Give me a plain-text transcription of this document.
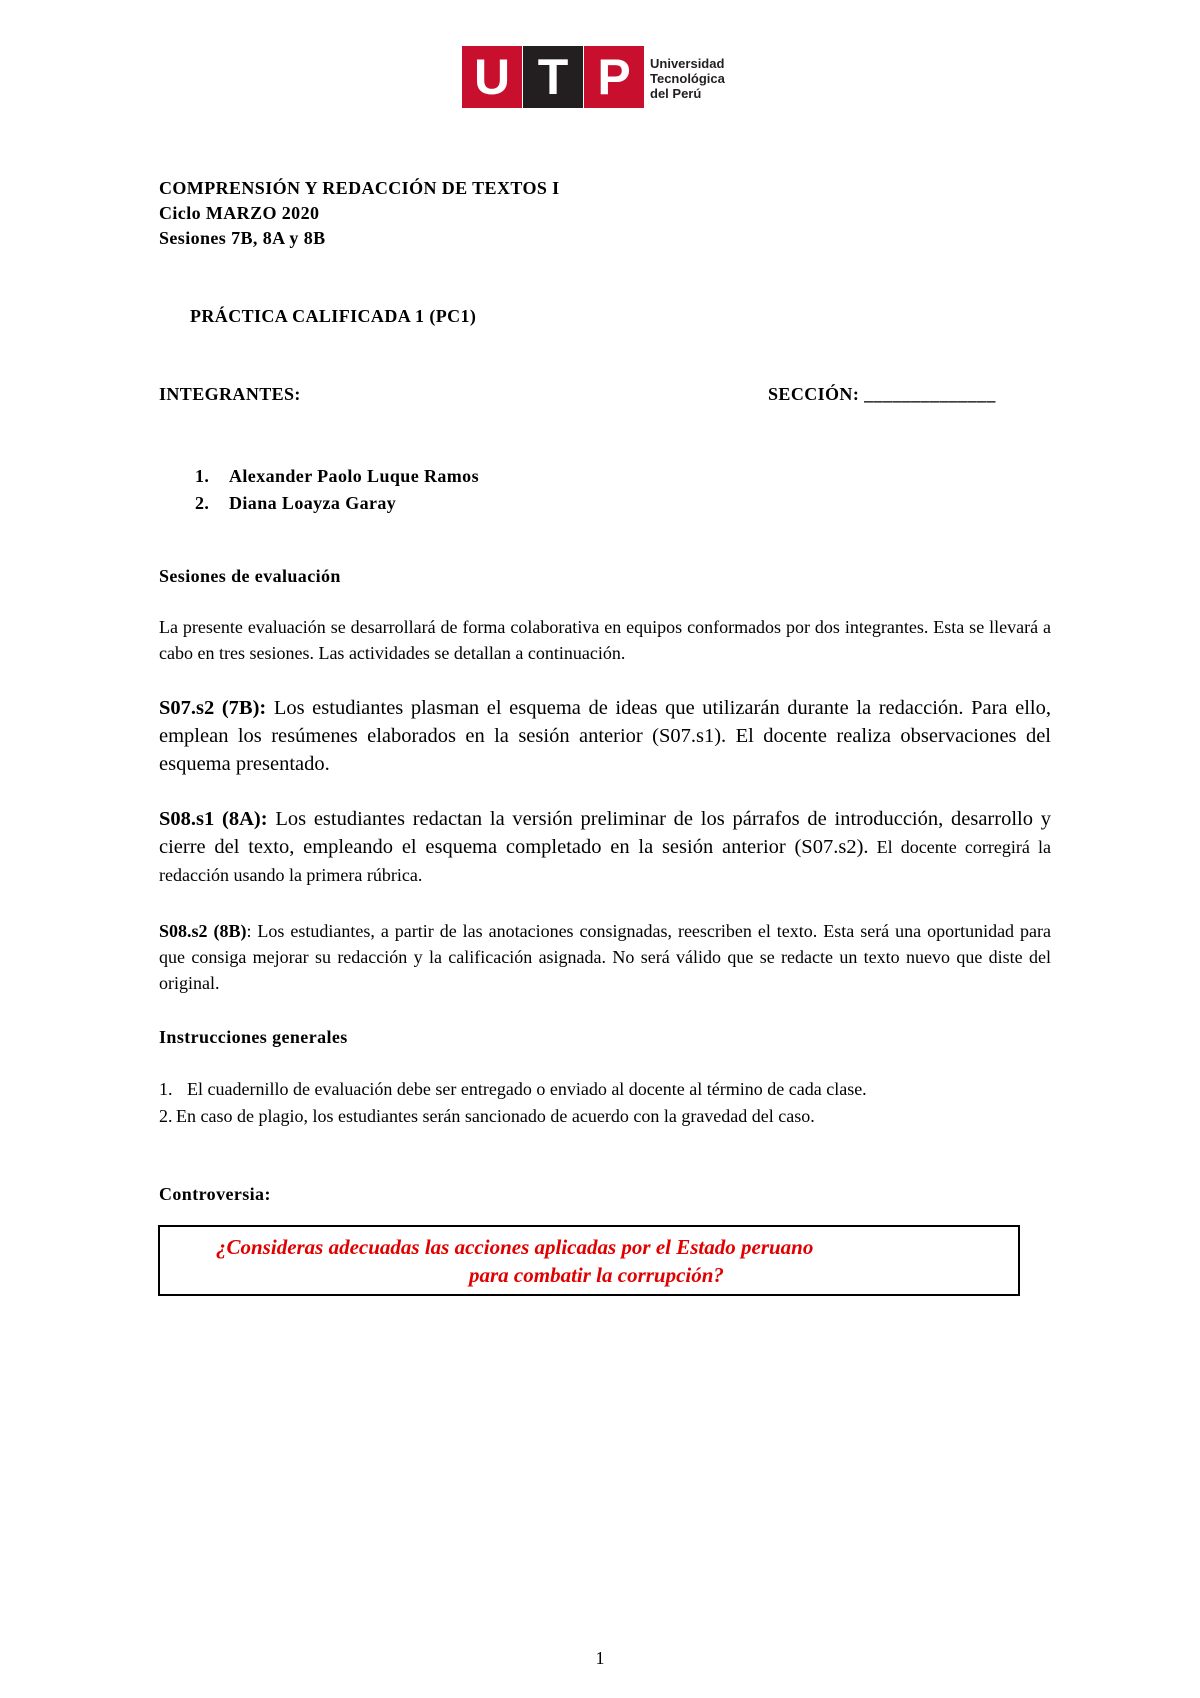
U T P	Universidad
Tecnológica
del Perú
COMPRENSIÓN Y REDACCIÓN DE TEXTOS I
Ciclo MARZO 2020
Sesiones 7B, 8A y 8B
PRÁCTICA CALIFICADA 1 (PC1)
INTEGRANTES:	SECCIÓN: ______________
1. Alexander Paolo Luque Ramos
2. Diana Loayza Garay
Sesiones de evaluación
La presente evaluación se desarrollará de forma colaborativa en equipos conformados por dos integrantes. Esta se llevará a cabo en tres sesiones. Las actividades se detallan a continuación.
S07.s2 (7B): Los estudiantes plasman el esquema de ideas que utilizarán durante la redacción. Para ello, emplean los resúmenes elaborados en la sesión anterior (S07.s1). El docente realiza observaciones del esquema presentado.
S08.s1 (8A): Los estudiantes redactan la versión preliminar de los párrafos de introducción, desarrollo y cierre del texto, empleando el esquema completado en la sesión anterior (S07.s2). El docente corregirá la redacción usando la primera rúbrica.
S08.s2 (8B): Los estudiantes, a partir de las anotaciones consignadas, reescriben el texto. Esta será una oportunidad para que consiga mejorar su redacción y la calificación asignada. No será válido que se redacte un texto nuevo que diste del original.
Instrucciones generales
1. El cuadernillo de evaluación debe ser entregado o enviado al docente al término de cada clase.
2. En caso de plagio, los estudiantes serán sancionado de acuerdo con la gravedad del caso.
Controversia:
¿Consideras adecuadas las acciones aplicadas por el Estado peruano
para combatir la corrupción?
1
